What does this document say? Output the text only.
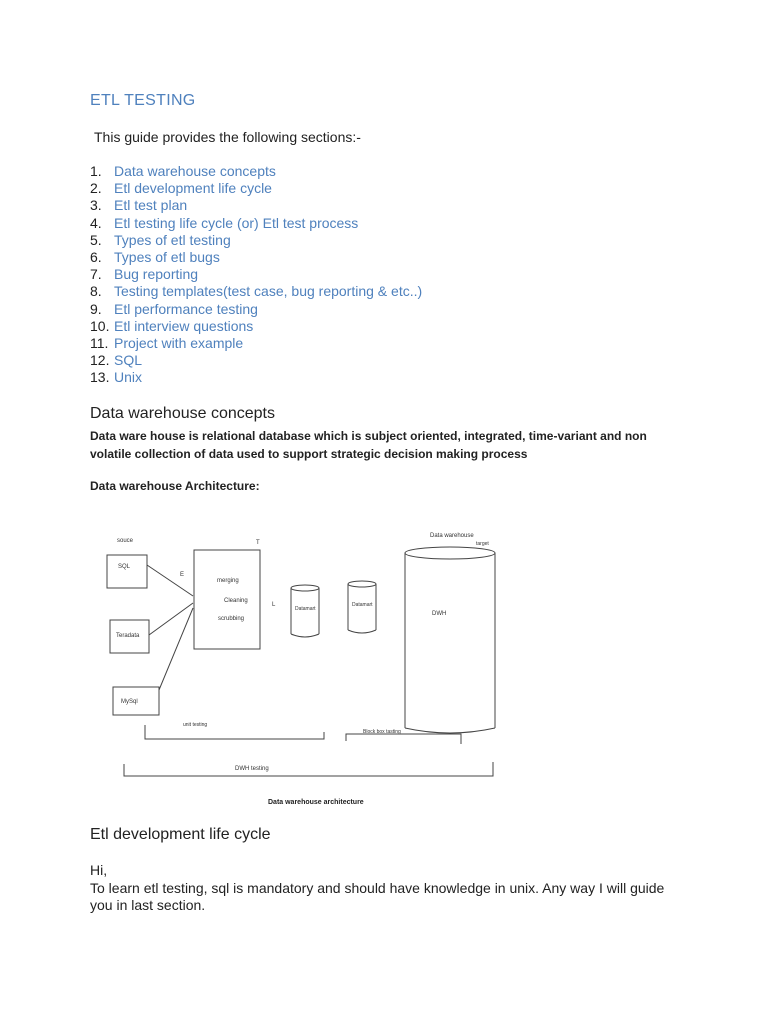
ETL TESTING
This guide provides the following sections:-
1. Data warehouse concepts
2. Etl development life cycle
3. Etl test plan
4. Etl testing life cycle (or) Etl test process
5. Types of etl testing
6. Types of etl bugs
7. Bug reporting
8. Testing templates(test case, bug reporting & etc..)
9. Etl performance testing
10. Etl interview questions
11. Project with example
12. SQL
13. Unix
Data warehouse concepts
Data ware house is relational database which is subject oriented, integrated, time-variant and non volatile collection of data used to support strategic decision making process
Data warehouse Architecture:
souce
SQL
Teradata
MySql
E
T
merging
Cleaning
scrubbing
L
Datamart
Datamart
Data warehouse
target
DWH
unit testing
Block box tasting
DWH testing
Data warehouse architecture
Etl development life cycle

Hi,

To learn etl testing, sql is mandatory and should have knowledge in unix. Any way I will guide you in last section.
